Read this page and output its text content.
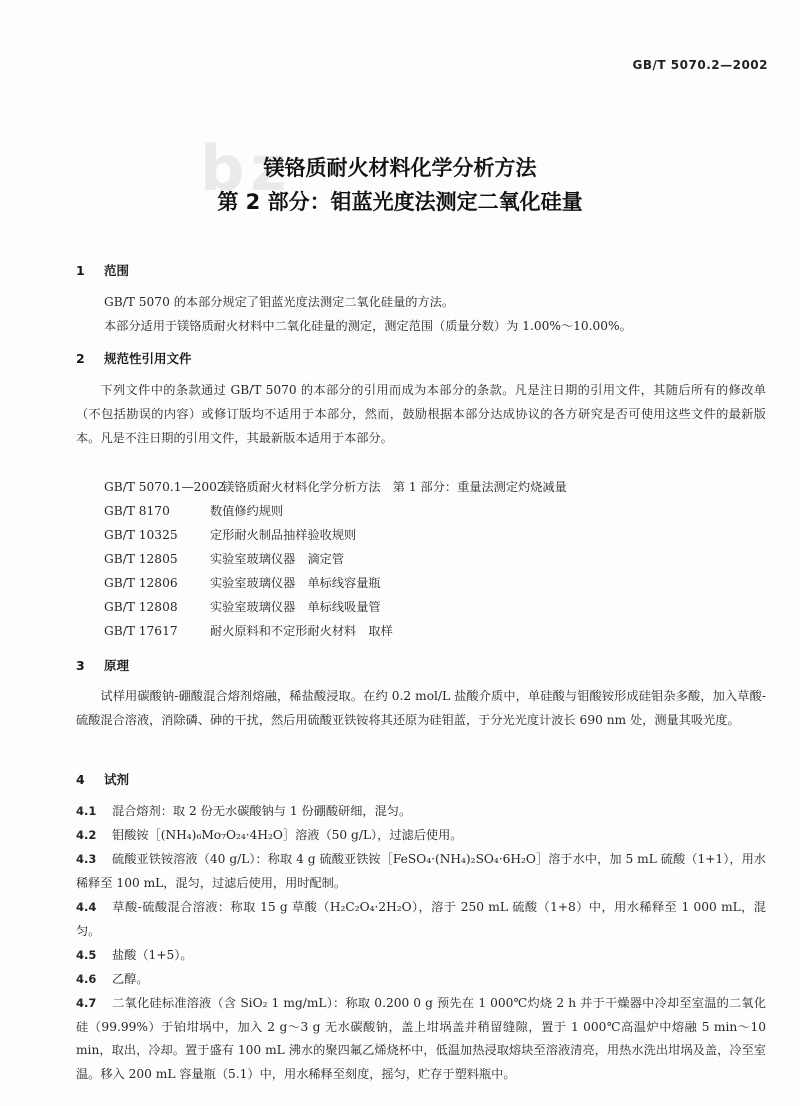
GB/T 5070.2—2002
bz
镁铬质耐火材料化学分析方法
第 2 部分：钼蓝光度法测定二氧化硅量
1 范围
GB/T 5070 的本部分规定了钼蓝光度法测定二氧化硅量的方法。
本部分适用于镁铬质耐火材料中二氧化硅量的测定，测定范围（质量分数）为 1.00%～10.00%。
2 规范性引用文件
下列文件中的条款通过 GB/T 5070 的本部分的引用而成为本部分的条款。凡是注日期的引用文件，其随后所有的修改单（不包括勘误的内容）或修订版均不适用于本部分，然而，鼓励根据本部分达成协议的各方研究是否可使用这些文件的最新版本。凡是不注日期的引用文件，其最新版本适用于本部分。
GB/T 5070.1—2002　镁铬质耐火材料化学分析方法　第 1 部分：重量法测定灼烧减量
GB/T 8170	数值修约规则
GB/T 10325	定形耐火制品抽样验收规则
GB/T 12805	实验室玻璃仪器　滴定管
GB/T 12806	实验室玻璃仪器　单标线容量瓶
GB/T 12808	实验室玻璃仪器　单标线吸量管
GB/T 17617	耐火原料和不定形耐火材料　取样
3 原理
试样用碳酸钠-硼酸混合熔剂熔融，稀盐酸浸取。在约 0.2 mol/L 盐酸介质中，单硅酸与钼酸铵形成硅钼杂多酸，加入草酸-硫酸混合溶液，消除磷、砷的干扰，然后用硫酸亚铁铵将其还原为硅钼蓝，于分光光度计波长 690 nm 处，测量其吸光度。
4 试剂
4.1 混合熔剂：取 2 份无水碳酸钠与 1 份硼酸研细，混匀。
4.2 钼酸铵［(NH₄)₆Mo₇O₂₄·4H₂O］溶液（50 g/L），过滤后使用。
4.3 硫酸亚铁铵溶液（40 g/L）：称取 4 g 硫酸亚铁铵［FeSO₄·(NH₄)₂SO₄·6H₂O］溶于水中，加 5 mL 硫酸（1+1），用水稀释至 100 mL，混匀，过滤后使用，用时配制。
4.4 草酸-硫酸混合溶液：称取 15 g 草酸（H₂C₂O₄·2H₂O），溶于 250 mL 硫酸（1+8）中，用水稀释至 1 000 mL，混匀。
4.5 盐酸（1+5）。
4.6 乙醇。
4.7 二氧化硅标准溶液（含 SiO₂ 1 mg/mL）：称取 0.200 0 g 预先在 1 000℃灼烧 2 h 并于干燥器中冷却至室温的二氧化硅（99.99%）于铂坩埚中，加入 2 g～3 g 无水碳酸钠，盖上坩埚盖并稍留缝隙，置于 1 000℃高温炉中熔融 5 min～10 min，取出，冷却。置于盛有 100 mL 沸水的聚四氟乙烯烧杯中，低温加热浸取熔块至溶液清亮，用热水洗出坩埚及盖，冷至室温。移入 200 mL 容量瓶（5.1）中，用水稀释至刻度，摇匀，贮存于塑料瓶中。
